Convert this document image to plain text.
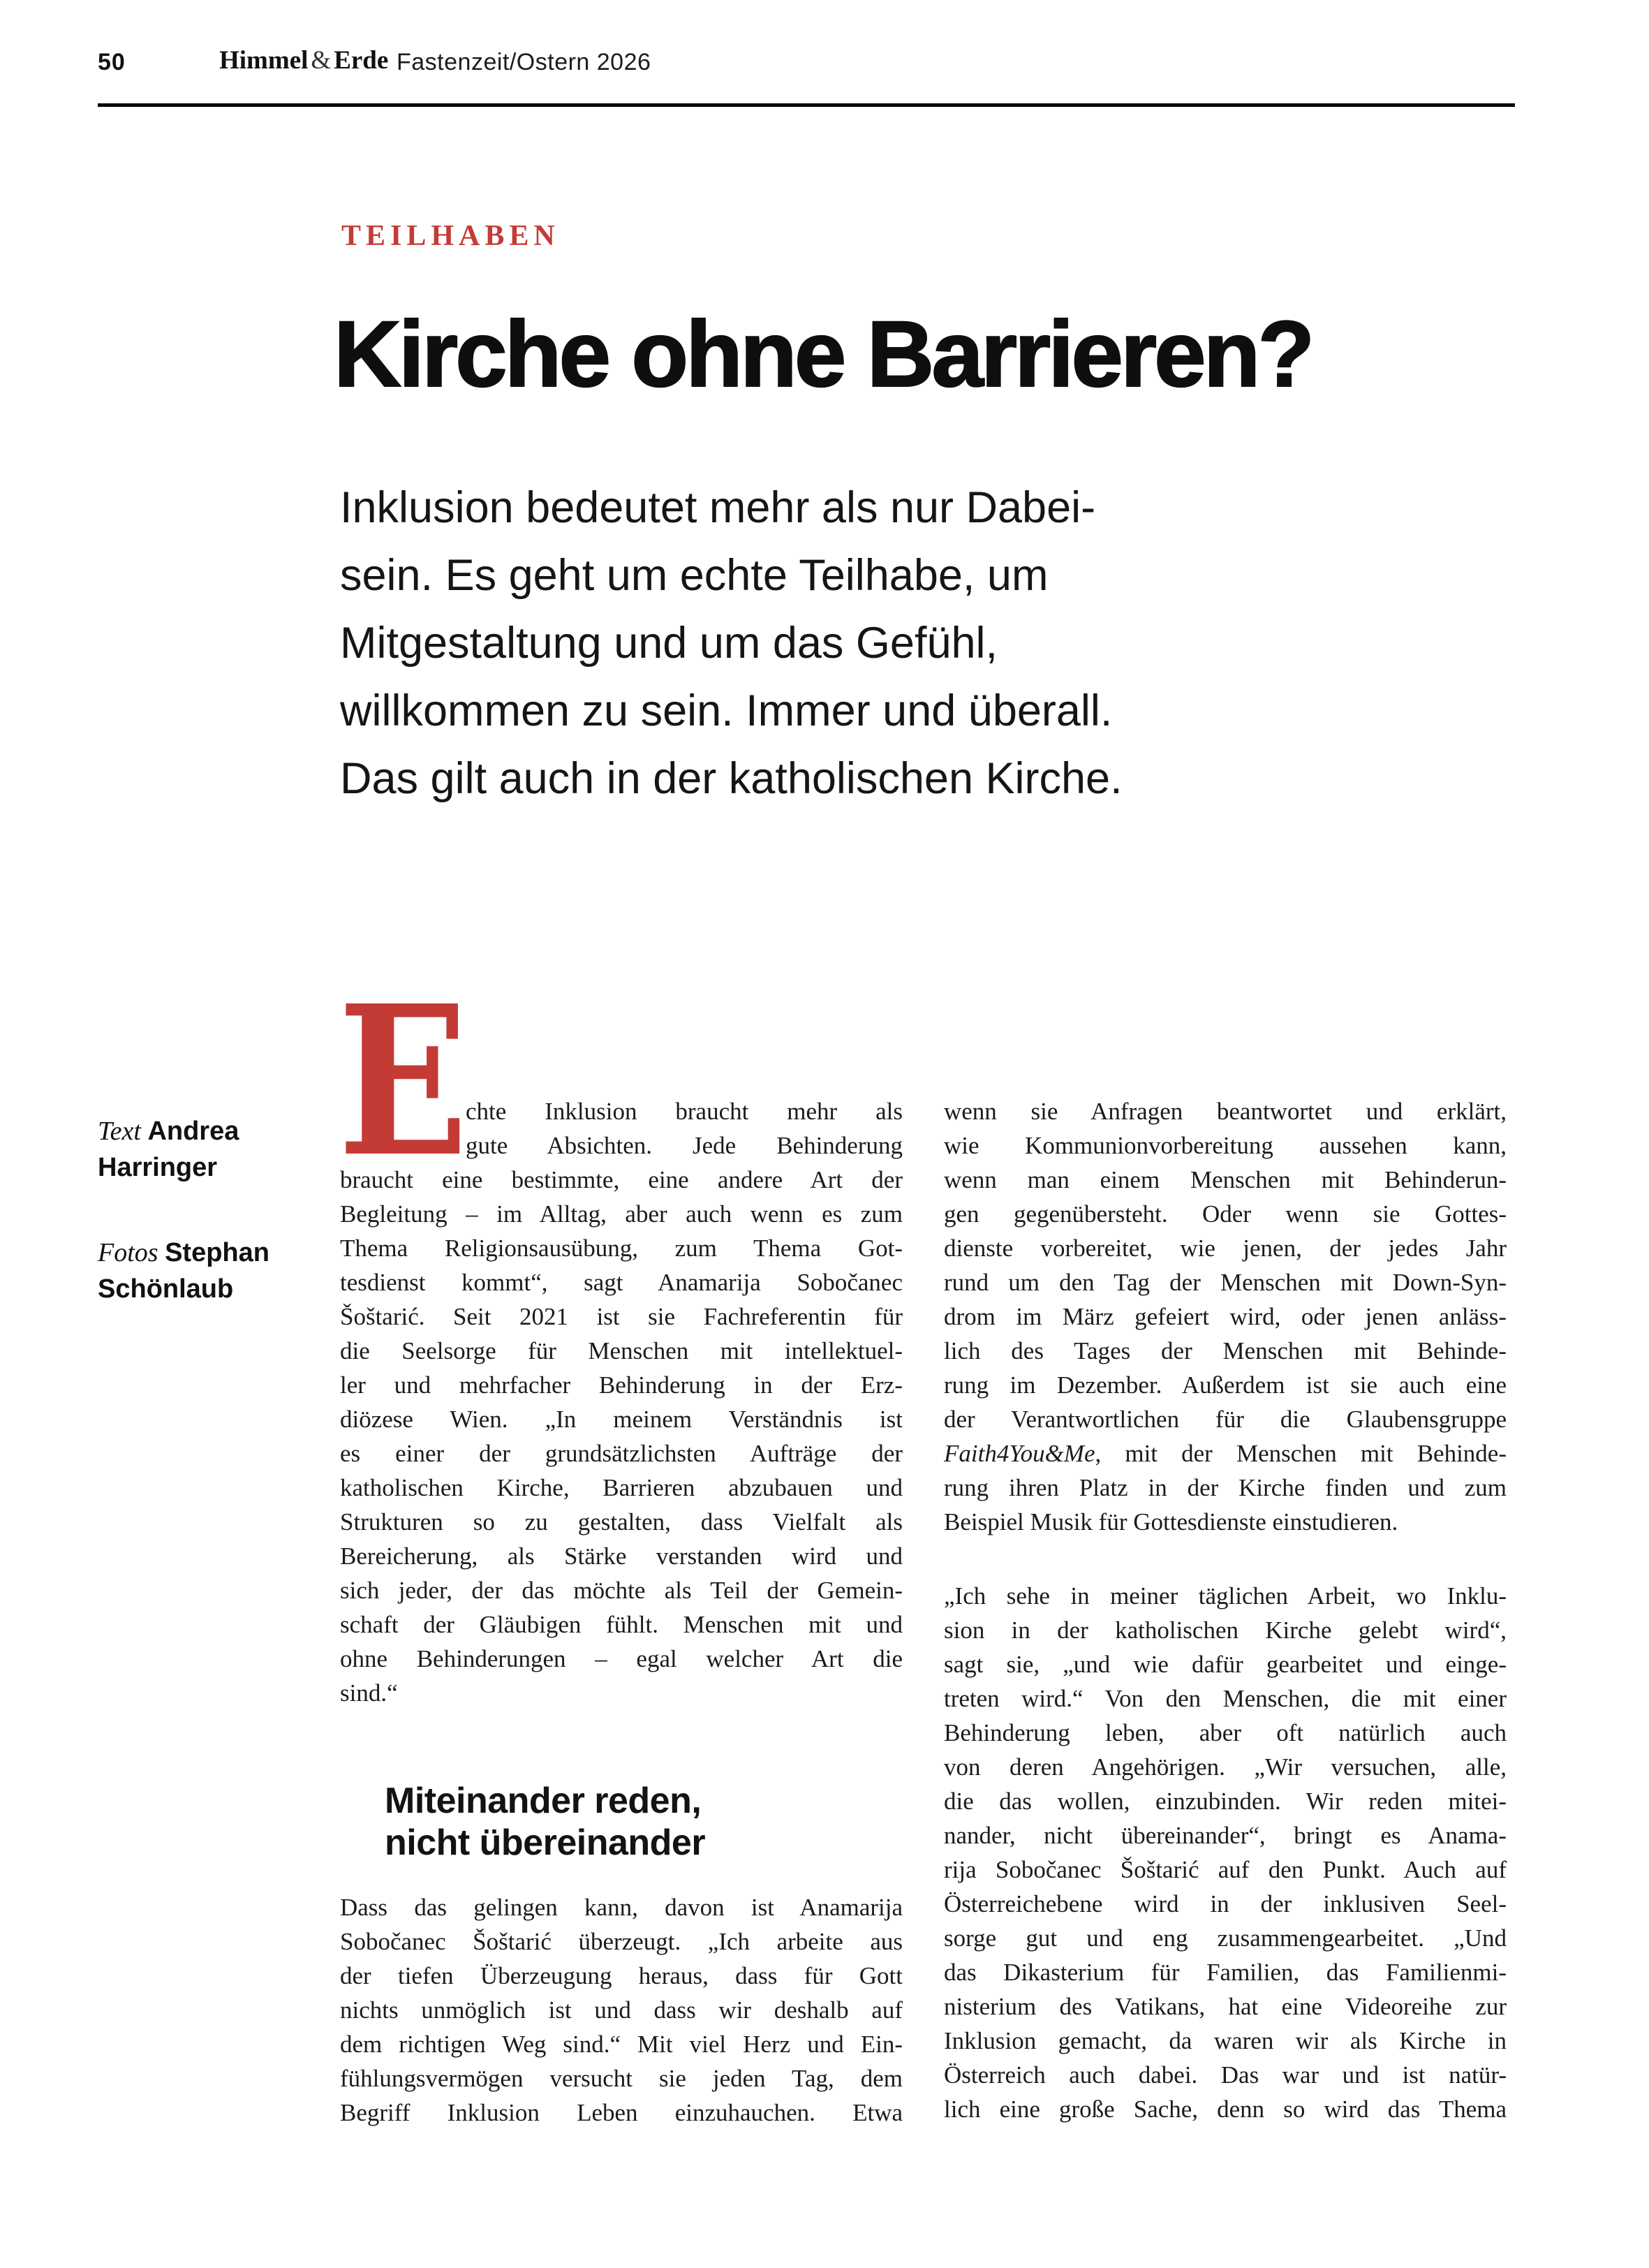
50	Himmel & Erde Fastenzeit/Ostern 2026
TEILHABEN
Kirche ohne Barrieren?
Inklusion bedeutet mehr als nur Dabei-
sein. Es geht um echte Teilhabe, um
Mitgestaltung und um das Gefühl,
willkommen zu sein. Immer und überall.
Das gilt auch in der katholischen Kirche.
Text Andrea Harringer
Fotos Stephan Schönlaub
E
chte Inklusion braucht mehr als
gute Absichten. Jede Behinderung
braucht eine bestimmte, eine andere Art der
Begleitung – im Alltag, aber auch wenn es zum
Thema Religionsausübung, zum Thema Got-
tesdienst kommt“, sagt Anamarija Sobočanec
Šoštarić. Seit 2021 ist sie Fachreferentin für
die Seelsorge für Menschen mit intellektuel-
ler und mehrfacher Behinderung in der Erz-
diözese Wien. „In meinem Verständnis ist
es einer der grundsätzlichsten Aufträge der
katholischen Kirche, Barrieren abzubauen und
Strukturen so zu gestalten, dass Vielfalt als
Bereicherung, als Stärke verstanden wird und
sich jeder, der das möchte als Teil der Gemein-
schaft der Gläubigen fühlt. Menschen mit und
ohne Behinderungen – egal welcher Art die
sind.“
Miteinander reden,
nicht übereinander
Dass das gelingen kann, davon ist Anamarija
Sobočanec Šoštarić überzeugt. „Ich arbeite aus
der tiefen Überzeugung heraus, dass für Gott
nichts unmöglich ist und dass wir deshalb auf
dem richtigen Weg sind.“ Mit viel Herz und Ein-
fühlungsvermögen versucht sie jeden Tag, dem
Begriff Inklusion Leben einzuhauchen. Etwa
wenn sie Anfragen beantwortet und erklärt,
wie Kommunionvorbereitung aussehen kann,
wenn man einem Menschen mit Behinderun-
gen gegenübersteht. Oder wenn sie Gottes-
dienste vorbereitet, wie jenen, der jedes Jahr
rund um den Tag der Menschen mit Down-Syn-
drom im März gefeiert wird, oder jenen anläss-
lich des Tages der Menschen mit Behinde-
rung im Dezember. Außerdem ist sie auch eine
der Verantwortlichen für die Glaubensgruppe
Faith4You&Me, mit der Menschen mit Behinde-
rung ihren Platz in der Kirche finden und zum
Beispiel Musik für Gottesdienste einstudieren.
„Ich sehe in meiner täglichen Arbeit, wo Inklu-
sion in der katholischen Kirche gelebt wird“,
sagt sie, „und wie dafür gearbeitet und einge-
treten wird.“ Von den Menschen, die mit einer
Behinderung leben, aber oft natürlich auch
von deren Angehörigen. „Wir versuchen, alle,
die das wollen, einzubinden. Wir reden mitei-
nander, nicht übereinander“, bringt es Anama-
rija Sobočanec Šoštarić auf den Punkt. Auch auf
Österreichebene wird in der inklusiven Seel-
sorge gut und eng zusammengearbeitet. „Und
das Dikasterium für Familien, das Familienmi-
nisterium des Vatikans, hat eine Videoreihe zur
Inklusion gemacht, da waren wir als Kirche in
Österreich auch dabei. Das war und ist natür-
lich eine große Sache, denn so wird das Thema
